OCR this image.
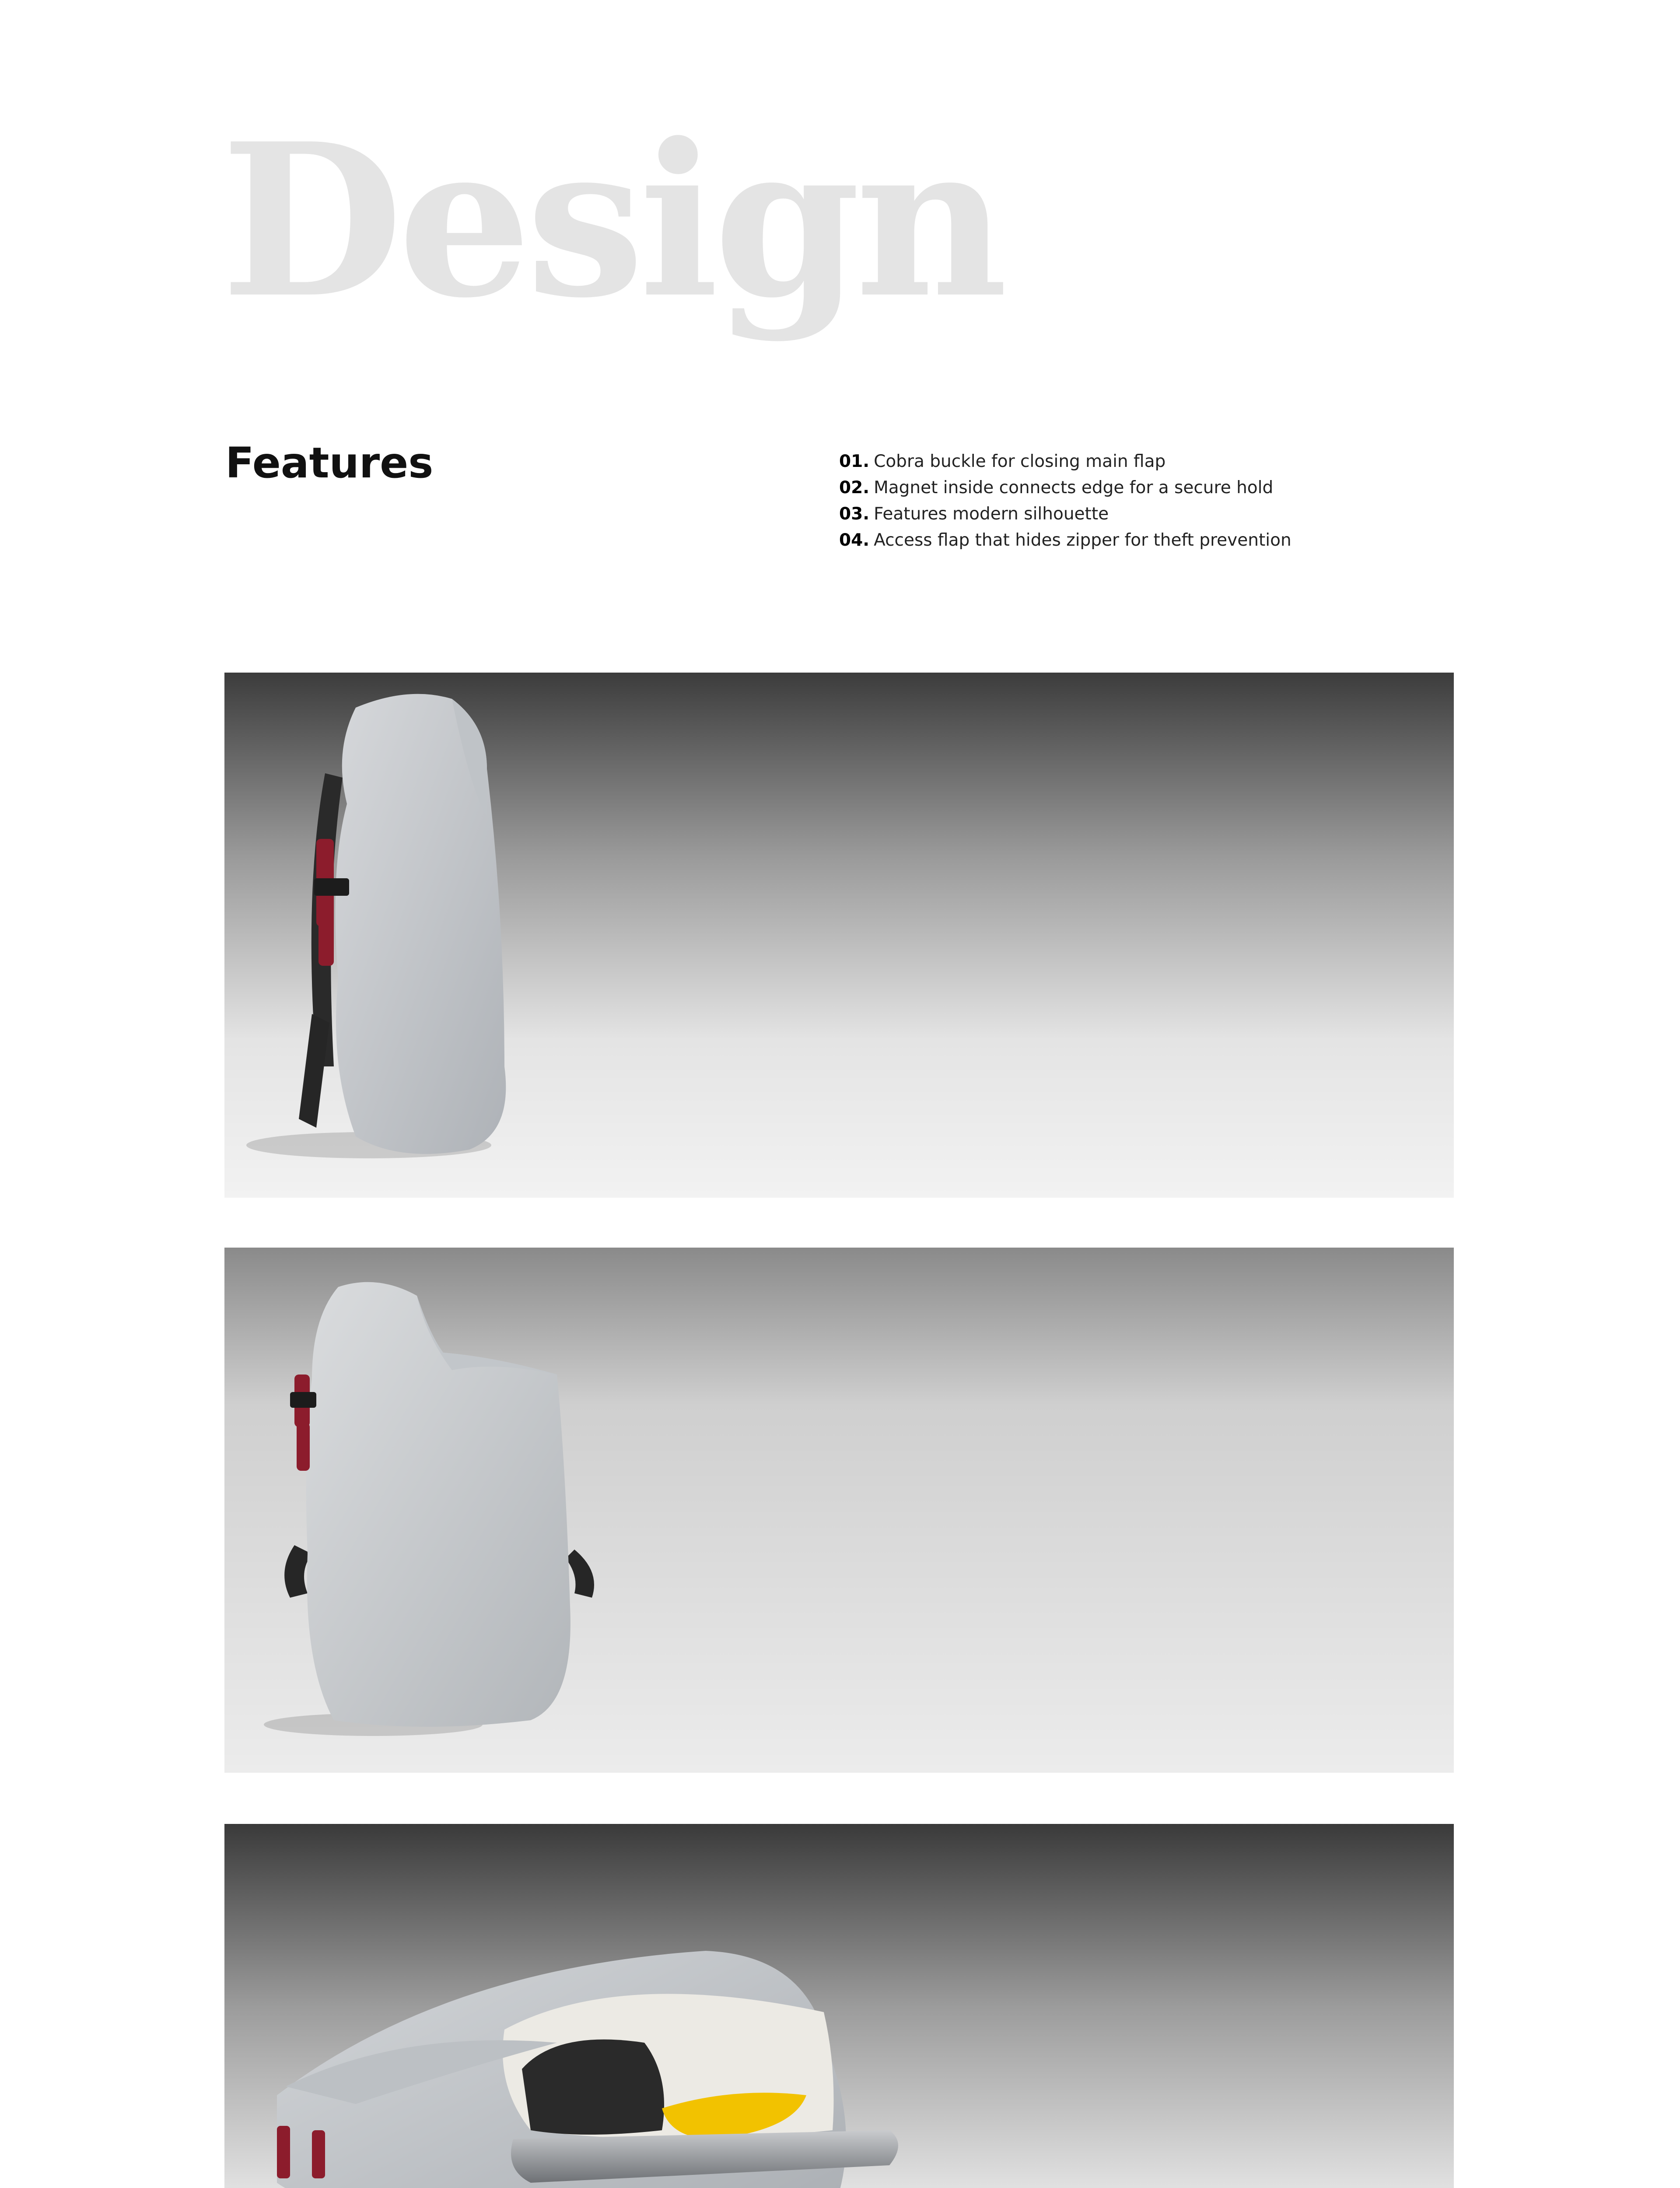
Design
Features	01. Cobra buckle for closing main flap
02. Magnet inside connects edge for a secure hold
03. Features modern silhouette
04. Access flap that hides zipper for theft prevention
